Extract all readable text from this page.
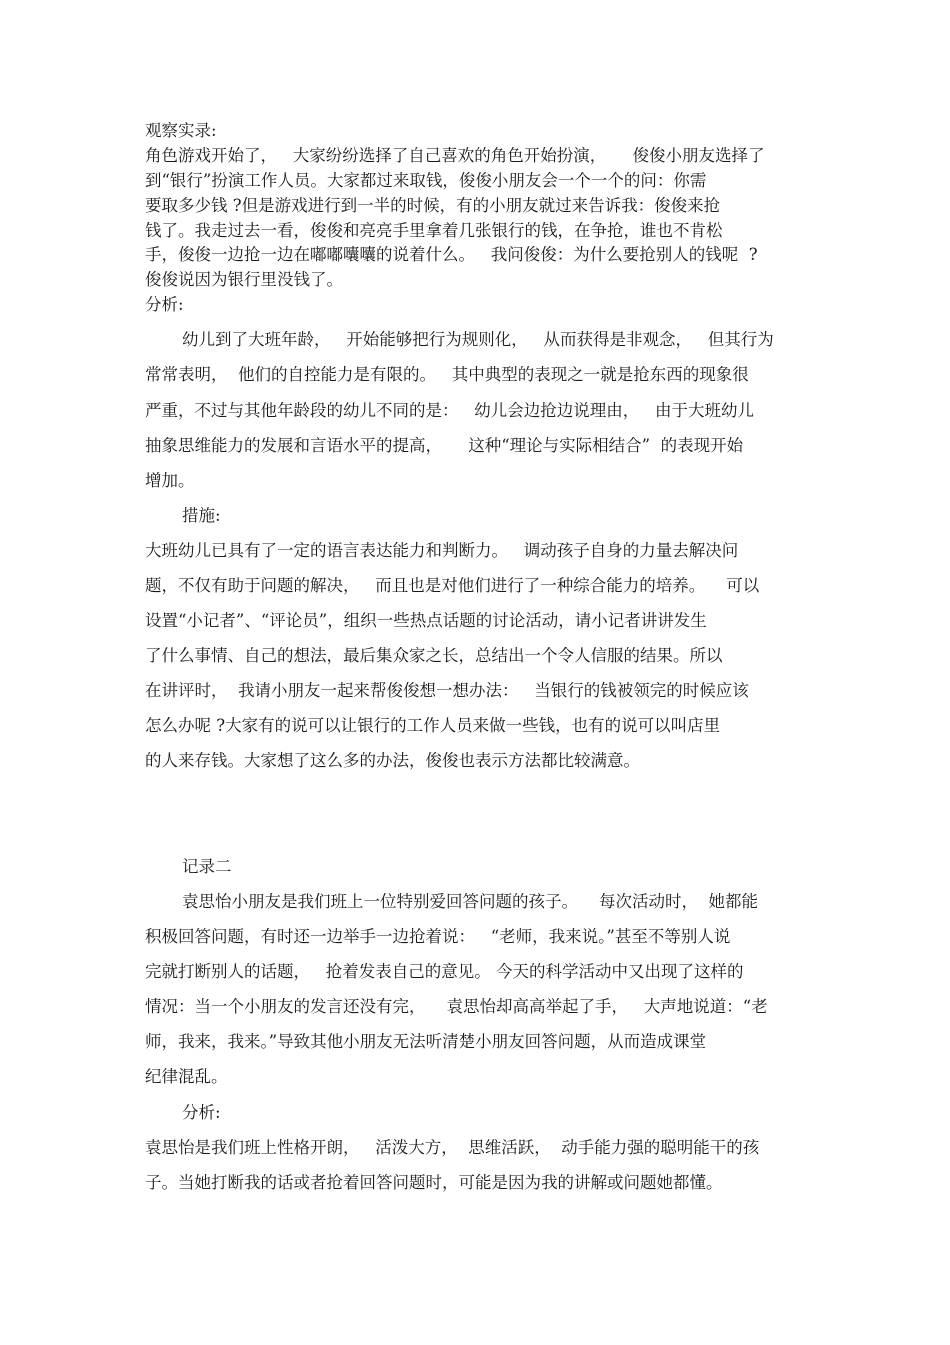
观察实录:
角色游戏开始了，   大家纷纷选择了自己喜欢的角色开始扮演，     俊俊小朋友选择了
到“银行”扮演工作人员。大家都过来取钱，俊俊小朋友会一个一个的问：你需
要取多少钱 ?但是游戏进行到一半的时候，有的小朋友就过来告诉我：俊俊来抢
钱了。我走过去一看，俊俊和亮亮手里拿着几张银行的钱，在争抢，谁也不肯松
手，俊俊一边抢一边在嘟嘟囔囔的说着什么。   我问俊俊：为什么要抢别人的钱呢  ?
俊俊说因为银行里没钱了。
分析:
幼儿到了大班年龄，   开始能够把行为规则化，   从而获得是非观念，   但其行为
常常表明，  他们的自控能力是有限的。   其中典型的表现之一就是抢东西的现象很
严重，不过与其他年龄段的幼儿不同的是：   幼儿会边抢边说理由，   由于大班幼儿
抽象思维能力的发展和言语水平的提高，     这种“理论与实际相结合”  的表现开始
增加。
措施:
大班幼儿已具有了一定的语言表达能力和判断力。   调动孩子自身的力量去解决问
题，不仅有助于问题的解决，   而且也是对他们进行了一种综合能力的培养。    可以
设置“小记者”、“评论员”，组织一些热点话题的讨论活动，请小记者讲讲发生
了什么事情、自己的想法，最后集众家之长，总结出一个令人信服的结果。所以
在讲评时，  我请小朋友一起来帮俊俊想一想办法：   当银行的钱被领完的时候应该
怎么办呢 ?大家有的说可以让银行的工作人员来做一些钱，也有的说可以叫店里
的人来存钱。大家想了这么多的办法，俊俊也表示方法都比较满意。
记录二
袁思怡小朋友是我们班上一位特别爱回答问题的孩子。    每次活动时，  她都能
积极回答问题，有时还一边举手一边抢着说：   “老师，我来说。”甚至不等别人说
完就打断别人的话题，   抢着发表自己的意见。 今天的科学活动中又出现了这样的
情况：当一个小朋友的发言还没有完，    袁思怡却高高举起了手，   大声地说道：“老
师，我来，我来。”导致其他小朋友无法听清楚小朋友回答问题，从而造成课堂
纪律混乱。
分析:
袁思怡是我们班上性格开朗，   活泼大方，  思维活跃，  动手能力强的聪明能干的孩
子。当她打断我的话或者抢着回答问题时，可能是因为我的讲解或问题她都懂。
